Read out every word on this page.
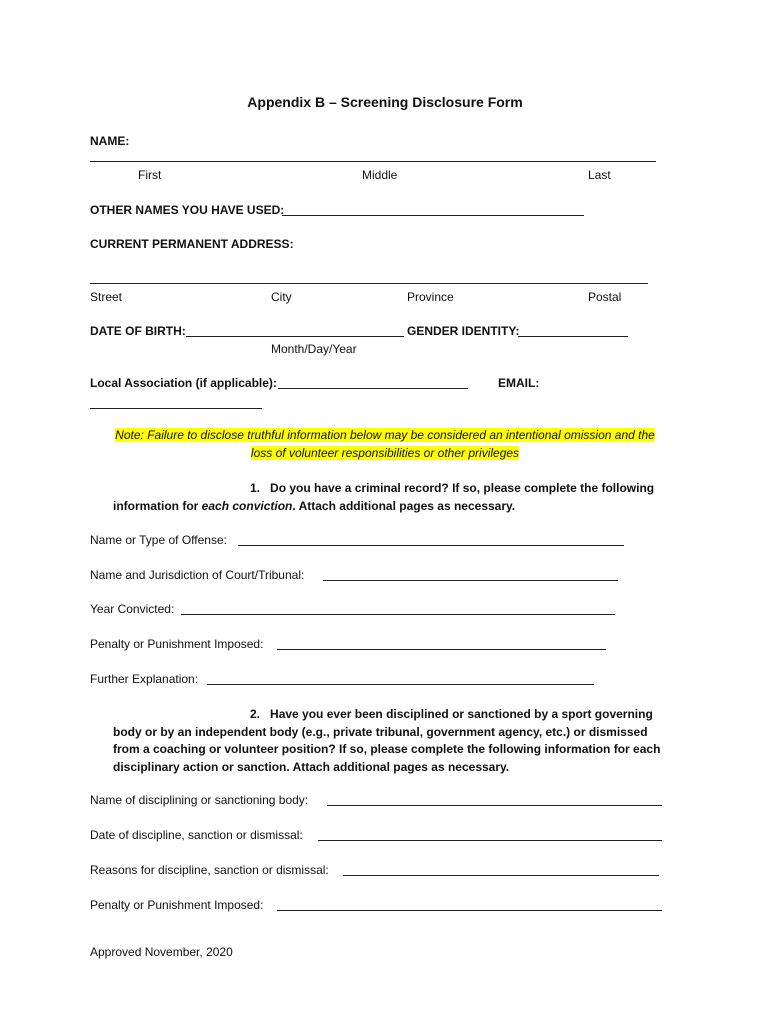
Appendix B – Screening Disclosure Form
NAME:
First	Middle	Last
OTHER NAMES YOU HAVE USED:
CURRENT PERMANENT ADDRESS:
Street	City	Province	Postal
DATE OF BIRTH:	GENDER IDENTITY:
Month/Day/Year
Local Association (if applicable):	EMAIL:
Note: Failure to disclose truthful information below may be considered an intentional omission and the
loss of volunteer responsibilities or other privileges
1. Do you have a criminal record? If so, please complete the following
information for each conviction. Attach additional pages as necessary.
Name or Type of Offense:
Name and Jurisdiction of Court/Tribunal:
Year Convicted:
Penalty or Punishment Imposed:
Further Explanation:
2. Have you ever been disciplined or sanctioned by a sport governing
body or by an independent body (e.g., private tribunal, government agency, etc.) or dismissed
from a coaching or volunteer position? If so, please complete the following information for each
disciplinary action or sanction. Attach additional pages as necessary.
Name of disciplining or sanctioning body:
Date of discipline, sanction or dismissal:
Reasons for discipline, sanction or dismissal:
Penalty or Punishment Imposed:
Approved November, 2020
